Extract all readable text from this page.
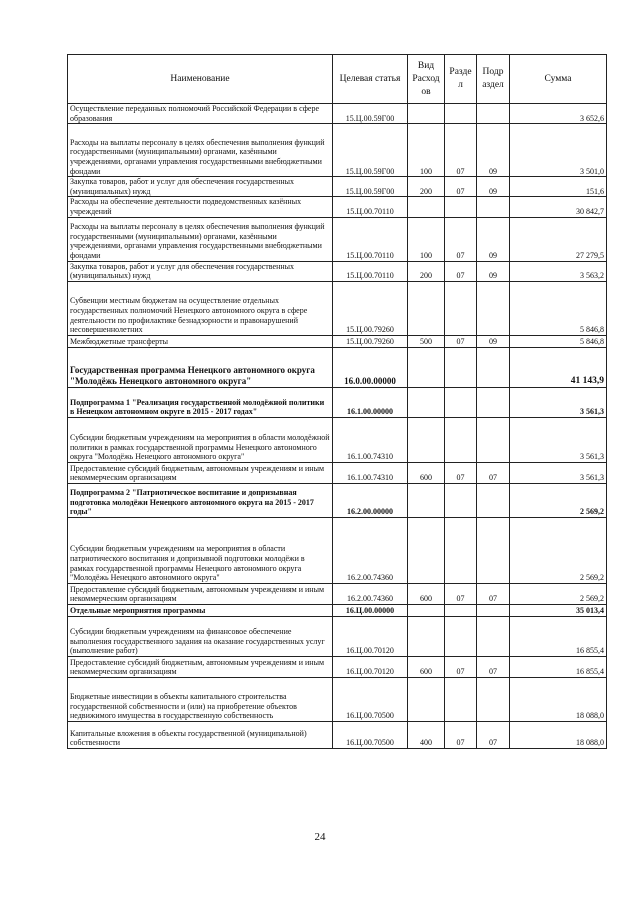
Наименование	Целевая статья	Вид Расход ов	Разде л	Подр аздел	Сумма
Осуществление переданных полномочий Российской Федерации в сфере образования	15.Ц.00.59Г00				3 652,6
Расходы на выплаты персоналу в целях обеспечения выполнения функций государственными (муниципальными) органами, казёнными учреждениями, органами управления государственными внебюджетными фондами	15.Ц.00.59Г00	100	07	09	3 501,0
Закупка товаров, работ и услуг для обеспечения государственных (муниципальных) нужд	15.Ц.00.59Г00	200	07	09	151,6
Расходы на обеспечение деятельности подведомственных казённых учреждений	15.Ц.00.70110				30 842,7
Расходы на выплаты персоналу в целях обеспечения выполнения функций государственными (муниципальными) органами, казёнными учреждениями, органами управления государственными внебюджетными фондами	15.Ц.00.70110	100	07	09	27 279,5
Закупка товаров, работ и услуг для обеспечения государственных (муниципальных) нужд	15.Ц.00.70110	200	07	09	3 563,2
Субвенции местным бюджетам на осуществление отдельных государственных полномочий Ненецкого автономного округа в сфере деятельности по профилактике безнадзорности и правонарушений несовершеннолетних	15.Ц.00.79260				5 846,8
Межбюджетные трансферты	15.Ц.00.79260	500	07	09	5 846,8
Государственная программа Ненецкого автономного округа "Молодёжь Ненецкого автономного округа"	16.0.00.00000				41 143,9
Подпрограмма 1 "Реализация государственной молодёжной политики в Ненецком автономном округе в 2015 - 2017 годах"	16.1.00.00000				3 561,3
Субсидии бюджетным учреждениям на мероприятия в области молодёжной политики в рамках государственной программы Ненецкого автономного округа "Молодёжь Ненецкого автономного округа"	16.1.00.74310				3 561,3
Предоставление субсидий бюджетным, автономным учреждениям и иным некоммерческим организациям	16.1.00.74310	600	07	07	3 561,3
Подпрограмма 2 "Патриотическое воспитание и допризывная подготовка молодёжи Ненецкого автономного округа на 2015 - 2017 годы"	16.2.00.00000				2 569,2
Субсидии бюджетным учреждениям на мероприятия в области патриотического воспитания и допризывной подготовки молодёжи в рамках государственной программы Ненецкого автономного округа "Молодёжь Ненецкого автономного округа"	16.2.00.74360				2 569,2
Предоставление субсидий бюджетным, автономным учреждениям и иным некоммерческим организациям	16.2.00.74360	600	07	07	2 569,2
Отдельные мероприятия программы	16.Ц.00.00000				35 013,4
Субсидии бюджетным учреждениям на финансовое обеспечение выполнения государственного задания на оказание государственных услуг (выполнение работ)	16.Ц.00.70120				16 855,4
Предоставление субсидий бюджетным, автономным учреждениям и иным некоммерческим организациям	16.Ц.00.70120	600	07	07	16 855,4
Бюджетные инвестиции в объекты капитального строительства государственной собственности и (или) на приобретение объектов недвижимого имущества в государственную собственность	16.Ц.00.70500				18 088,0
Капитальные вложения в объекты государственной (муниципальной) собственности	16.Ц.00.70500	400	07	07	18 088,0
24
